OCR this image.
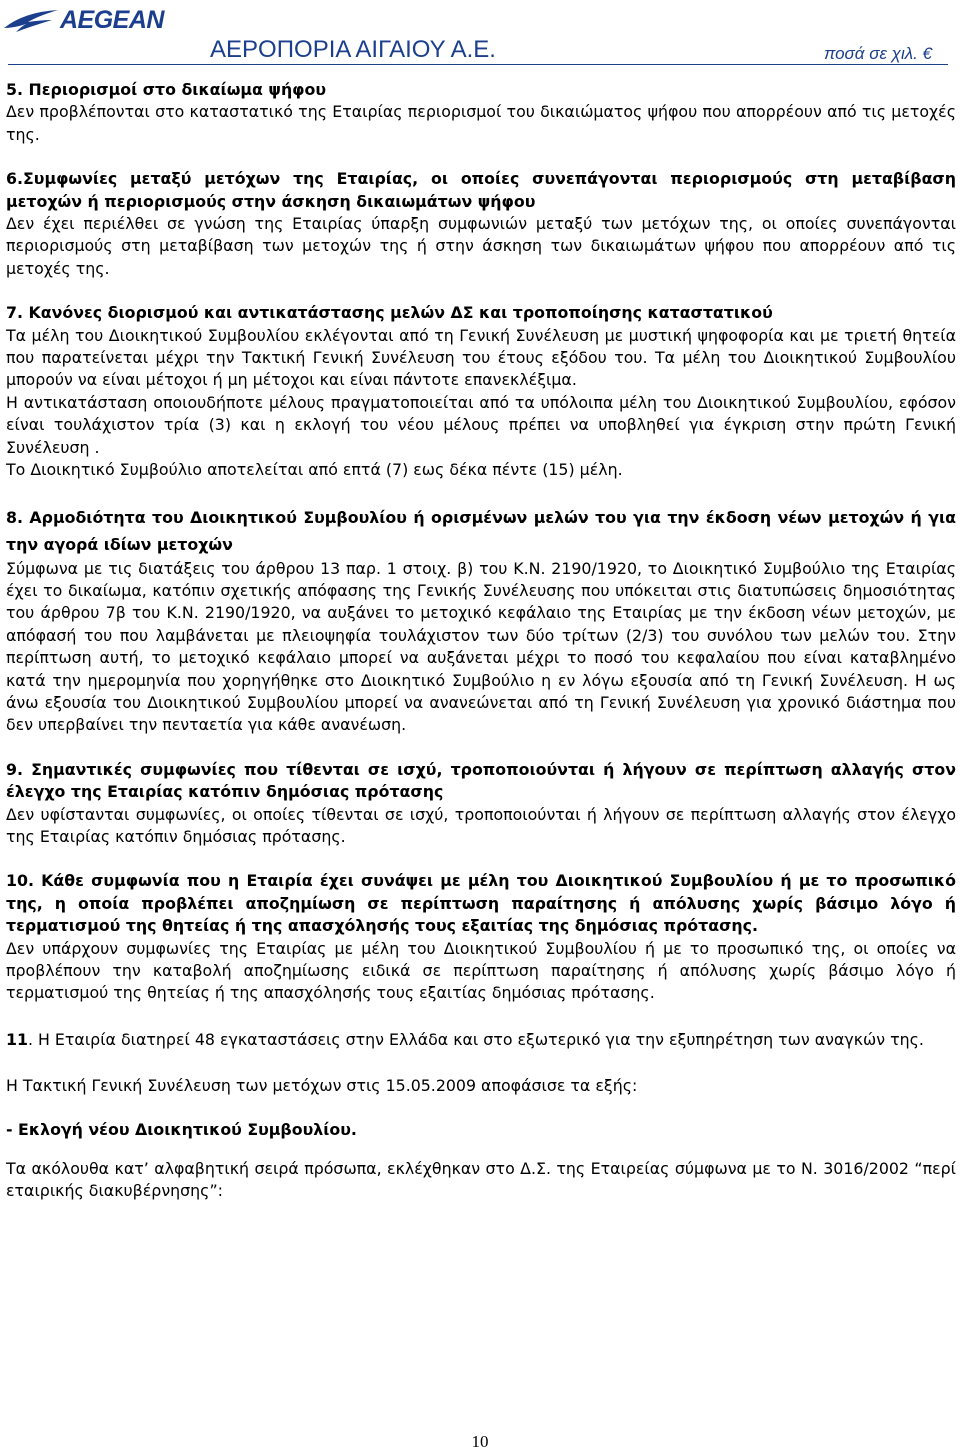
AEGEAN
ΑΕΡΟΠΟΡΙΑ ΑΙΓΑΙΟΥ Α.Ε.	ποσά σε χιλ. €

5. Περιορισμοί στο δικαίωμα ψήφου

Δεν προβλέπονται στο καταστατικό της Εταιρίας περιορισμοί του δικαιώματος ψήφου που απορρέουν από τις μετοχές της.

6.Συμφωνίες μεταξύ μετόχων της Εταιρίας, οι οποίες συνεπάγονται περιορισμούς στη μεταβίβαση μετοχών ή περιορισμούς στην άσκηση δικαιωμάτων ψήφου

Δεν έχει περιέλθει σε γνώση της Εταιρίας ύπαρξη συμφωνιών μεταξύ των μετόχων της, οι οποίες συνεπάγονται περιορισμούς στη μεταβίβαση των μετοχών της ή στην άσκηση των δικαιωμάτων ψήφου που απορρέουν από τις μετοχές της.

7. Κανόνες διορισμού και αντικατάστασης μελών ΔΣ και τροποποίησης καταστατικού

Τα μέλη του Διοικητικού Συμβουλίου εκλέγονται από τη Γενική Συνέλευση με μυστική ψηφοφορία και με τριετή θητεία που παρατείνεται μέχρι την Τακτική Γενική Συνέλευση του έτους εξόδου του. Τα μέλη του Διοικητικού Συμβουλίου μπορούν να είναι μέτοχοι ή μη μέτοχοι και είναι πάντοτε επανεκλέξιμα.

Η αντικατάσταση οποιουδήποτε μέλους πραγματοποιείται από τα υπόλοιπα μέλη του Διοικητικού Συμβουλίου, εφόσον είναι τουλάχιστον τρία (3) και η εκλογή του νέου μέλους πρέπει να υποβληθεί για έγκριση στην πρώτη Γενική Συνέλευση .

Το Διοικητικό Συμβούλιο αποτελείται από επτά (7) εως δέκα πέντε (15) μέλη.

8. Αρμοδιότητα του Διοικητικού Συμβουλίου ή ορισμένων μελών του για την έκδοση νέων μετοχών ή για την αγορά ιδίων μετοχών

Σύμφωνα με τις διατάξεις του άρθρου 13 παρ. 1 στοιχ. β) του Κ.Ν. 2190/1920, το Διοικητικό Συμβούλιο της Εταιρίας έχει το δικαίωμα, κατόπιν σχετικής απόφασης της Γενικής Συνέλευσης που υπόκειται στις διατυπώσεις δημοσιότητας του άρθρου 7β του Κ.Ν. 2190/1920, να αυξάνει το μετοχικό κεφάλαιο της Εταιρίας με την έκδοση νέων μετοχών, με απόφασή του που λαμβάνεται με πλειοψηφία τουλάχιστον των δύο τρίτων (2/3) του συνόλου των μελών του. Στην περίπτωση αυτή, το μετοχικό κεφάλαιο μπορεί να αυξάνεται μέχρι το ποσό του κεφαλαίου που είναι καταβλημένο κατά την ημερομηνία που χορηγήθηκε στο Διοικητικό Συμβούλιο η εν λόγω εξουσία από τη Γενική Συνέλευση. Η ως άνω εξουσία του Διοικητικού Συμβουλίου μπορεί να ανανεώνεται από τη Γενική Συνέλευση για χρονικό διάστημα που δεν υπερβαίνει την πενταετία για κάθε ανανέωση.

9. Σημαντικές συμφωνίες που τίθενται σε ισχύ, τροποποιούνται ή λήγουν σε περίπτωση αλλαγής στον έλεγχο της Εταιρίας κατόπιν δημόσιας πρότασης

Δεν υφίστανται συμφωνίες, οι οποίες τίθενται σε ισχύ, τροποποιούνται ή λήγουν σε περίπτωση αλλαγής στον έλεγχο της Εταιρίας κατόπιν δημόσιας πρότασης.

10. Κάθε συμφωνία που η Εταιρία έχει συνάψει με μέλη του Διοικητικού Συμβουλίου ή με το προσωπικό της, η οποία προβλέπει αποζημίωση σε περίπτωση παραίτησης ή απόλυσης χωρίς βάσιμο λόγο ή τερματισμού της θητείας ή της απασχόλησής τους εξαιτίας της δημόσιας πρότασης.

Δεν υπάρχουν συμφωνίες της Εταιρίας με μέλη του Διοικητικού Συμβουλίου ή με το προσωπικό της, οι οποίες να προβλέπουν την καταβολή αποζημίωσης ειδικά σε περίπτωση παραίτησης ή απόλυσης χωρίς βάσιμο λόγο ή τερματισμού της θητείας ή της απασχόλησής τους εξαιτίας δημόσιας πρότασης.

11. Η Εταιρία διατηρεί 48 εγκαταστάσεις στην Ελλάδα και στο εξωτερικό για την εξυπηρέτηση των αναγκών της.

Η Τακτική Γενική Συνέλευση των μετόχων στις 15.05.2009 αποφάσισε τα εξής:

- Εκλογή νέου Διοικητικού Συμβουλίου.

Τα ακόλουθα κατ’ αλφαβητική σειρά πρόσωπα, εκλέχθηκαν στο Δ.Σ. της Εταιρείας σύμφωνα με το Ν. 3016/2002 “περί εταιρικής διακυβέρνησης”:

10
